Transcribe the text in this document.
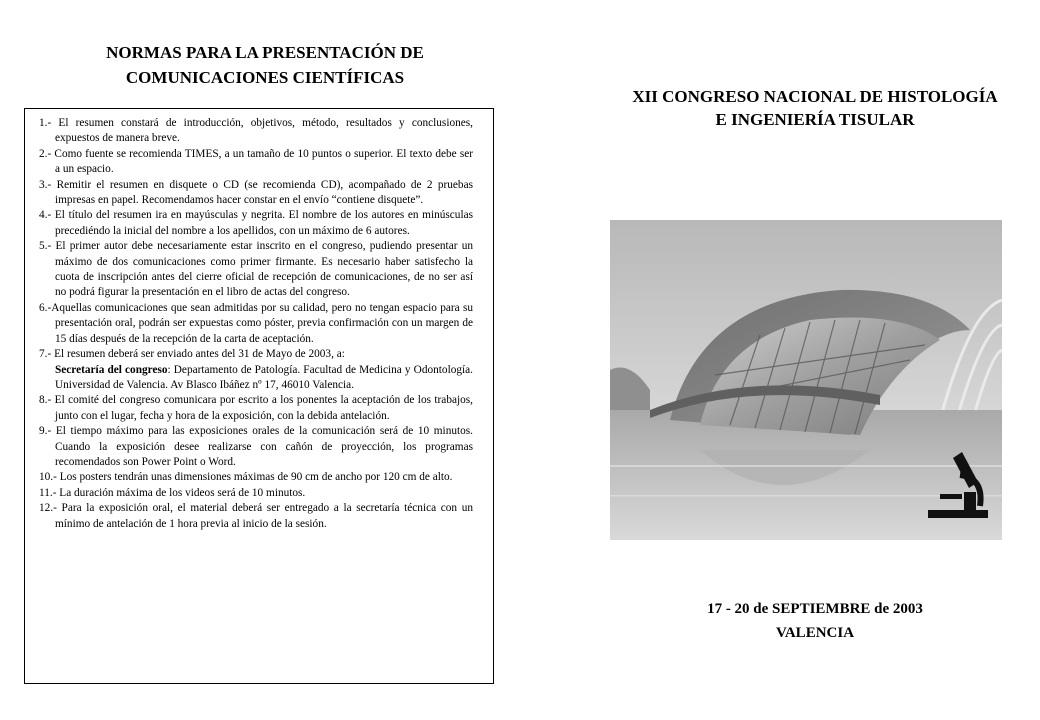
NORMAS PARA LA PRESENTACIÓN DE
COMUNICACIONES CIENTÍFICAS
1.- El resumen constará de introducción, objetivos, método, resultados y conclusiones, expuestos de manera breve.
2.- Como fuente se recomienda TIMES, a un tamaño de 10 puntos o superior. El texto debe ser a un espacio.
3.- Remitir el resumen en disquete o CD (se recomienda CD), acompañado de 2 pruebas impresas en papel. Recomendamos hacer constar en el envío “contiene disquete”.
4.- El título del resumen ira en mayúsculas y negrita. El nombre de los autores en minúsculas precediéndo la inicial del nombre a los apellidos, con un máximo de 6 autores.
5.- El primer autor debe necesariamente estar inscrito en el congreso, pudiendo presentar un máximo de dos comunicaciones como primer firmante. Es necesario haber satisfecho la cuota de inscripción antes del cierre oficial de recepción de comunicaciones, de no ser así no podrá figurar la presentación en el libro de actas del congreso.
6.-Aquellas comunicaciones que sean admitidas por su calidad, pero no tengan espacio para su presentación oral, podrán ser expuestas como póster, previa confirmación con un margen de 15 días después de la recepción de la carta de aceptación.
7.- El resumen deberá ser enviado antes del 31 de Mayo de 2003, a:
Secretaría del congreso: Departamento de Patología. Facultad de Medicina y Odontología. Universidad de Valencia. Av Blasco Ibáñez nº 17, 46010 Valencia.
8.- El comité del congreso comunicara por escrito a los ponentes la aceptación de los trabajos, junto con el lugar, fecha y hora de la exposición, con la debida antelación.
9.- El tiempo máximo para las exposiciones orales de la comunicación será de 10 minutos. Cuando la exposición desee realizarse con cañón de proyección, los programas recomendados son Power Point o Word.
10.- Los posters tendrán unas dimensiones máximas de 90 cm de ancho por 120 cm de alto.
11.- La duración máxima de los videos será de 10 minutos.
12.- Para la exposición oral, el material deberá ser entregado a la secretaría técnica con un mínimo de antelación de 1 hora previa al inicio de la sesión.
XII CONGRESO NACIONAL DE HISTOLOGÍA
E INGENIERÍA TISULAR
17 - 20 de SEPTIEMBRE de 2003
VALENCIA
